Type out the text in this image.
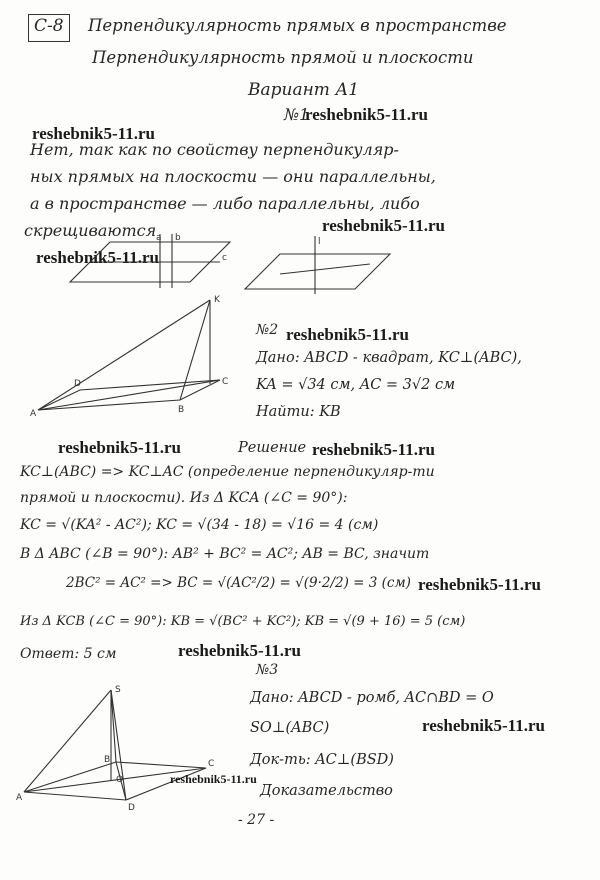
С-8 Перпендикулярность прямых в пространстве
Перпендикулярность прямой и плоскости
Вариант А1
№1
reshebnik5-11.ru
reshebnik5-11.ru
Нет, так как по свойству перпендикуляр-
ных прямых на плоскости — они параллельны,
а в пространстве — либо параллельны, либо
скрещиваются	reshebnik5-11.ru
reshebnik5-11.ru
a b
c
l
K
A	B
C
D
№2 reshebnik5-11.ru
Дано: ABCD - квадрат, KC⊥(ABC),
KA = √34 см, AC = 3√2 см
Найти: KB
reshebnik5-11.ru	Решение reshebnik5-11.ru
KC⊥(ABC) => KC⊥AC (определение перпендикуляр-ти
прямой и плоскости). Из Δ KCA (∠C = 90°):
KC = √(KA² - AC²); KC = √(34 - 18) = √16 = 4 (см)
В Δ ABC (∠B = 90°): AB² + BC² = AC²; AB = BC, значит
2BC² = AC² => BC = √(AC²/2) = √(9·2/2) = 3 (см) reshebnik5-11.ru
Из Δ KCB (∠C = 90°): KB = √(BC² + KC²); KB = √(9 + 16) = 5 (см)
Ответ: 5 см	reshebnik5-11.ru
№3
Дано: ABCD - ромб, AC∩BD = O
SO⊥(ABC)	reshebnik5-11.ru
Док-ть: AC⊥(BSD)
Доказательство
S
A
B	C
D
O	reshebnik5-11.ru
- 27 -
